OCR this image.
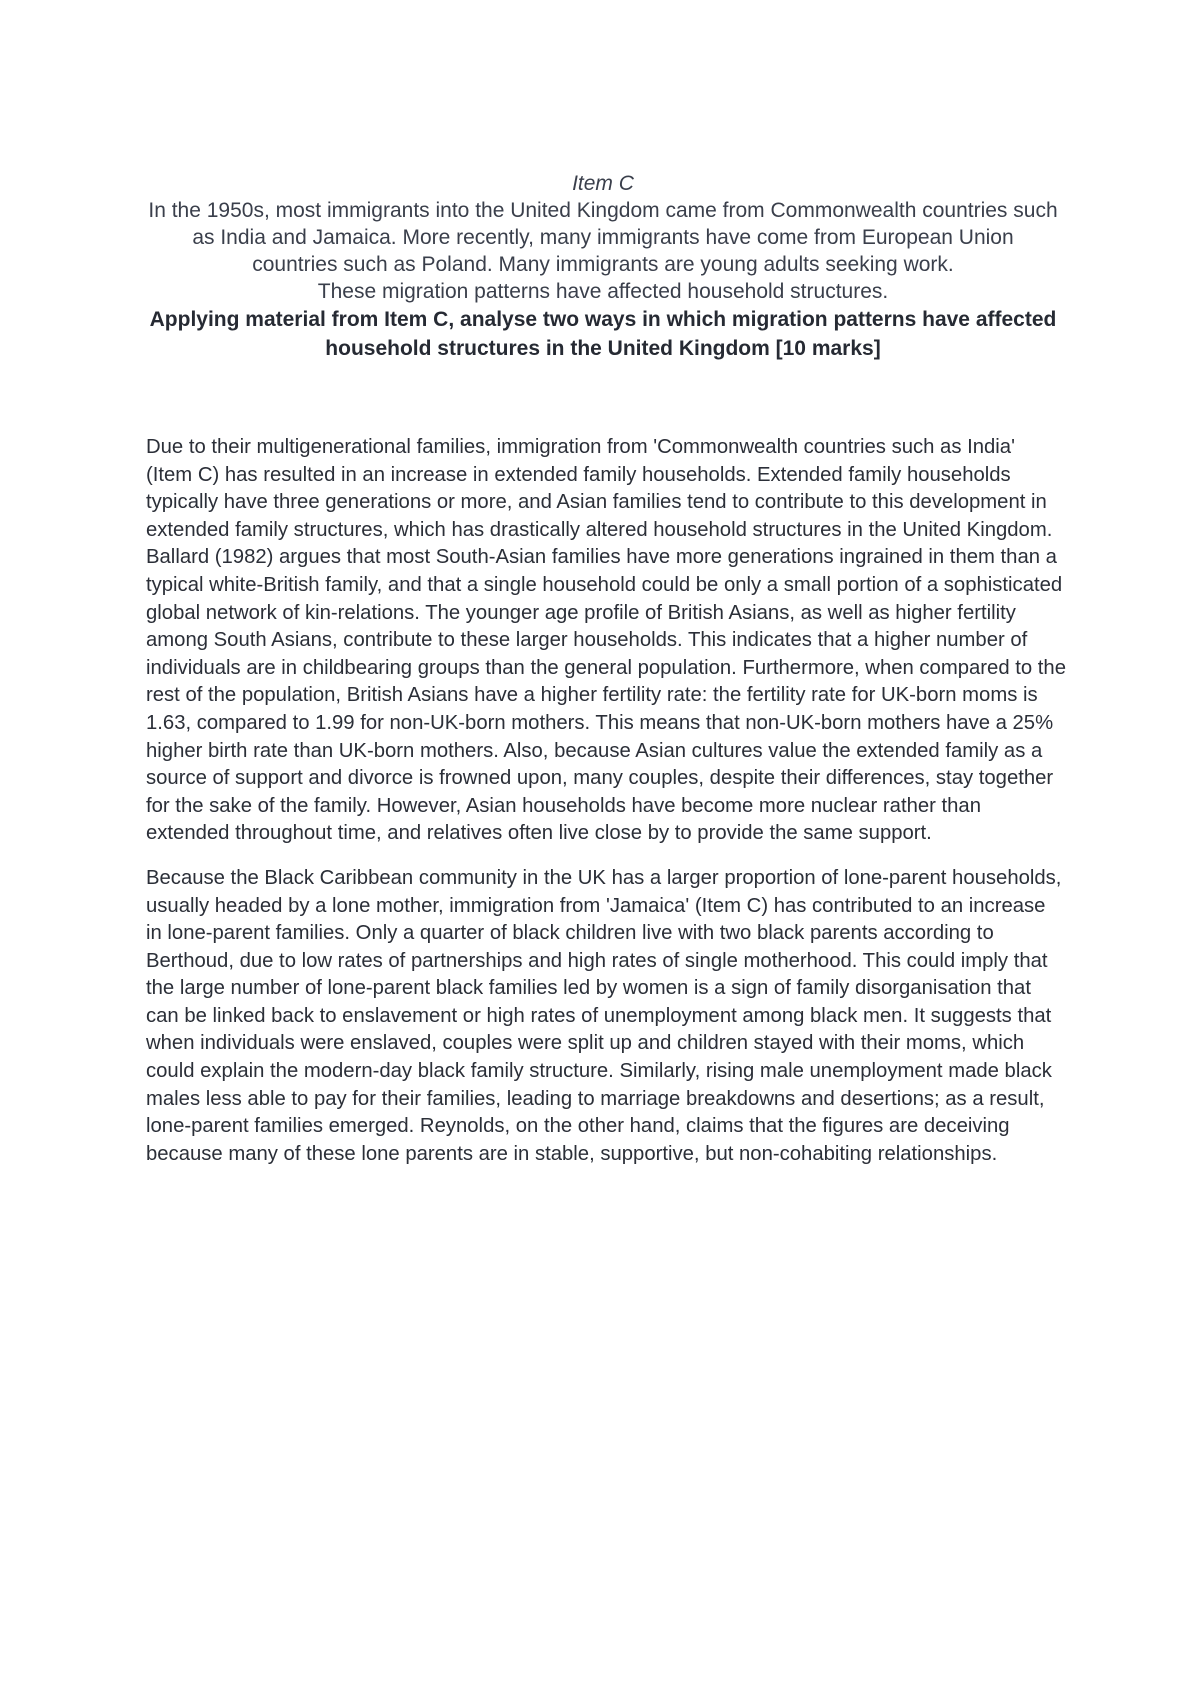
Item C
In the 1950s, most immigrants into the United Kingdom came from Commonwealth countries such as India and Jamaica. More recently, many immigrants have come from European Union countries such as Poland. Many immigrants are young adults seeking work.
These migration patterns have affected household structures.
Applying material from Item C, analyse two ways in which migration patterns have affected household structures in the United Kingdom [10 marks]

Due to their multigenerational families, immigration from 'Commonwealth countries such as India' (Item C) has resulted in an increase in extended family households. Extended family households typically have three generations or more, and Asian families tend to contribute to this development in extended family structures, which has drastically altered household structures in the United Kingdom. Ballard (1982) argues that most South-Asian families have more generations ingrained in them than a typical white-British family, and that a single household could be only a small portion of a sophisticated global network of kin-relations. The younger age profile of British Asians, as well as higher fertility among South Asians, contribute to these larger households. This indicates that a higher number of individuals are in childbearing groups than the general population. Furthermore, when compared to the rest of the population, British Asians have a higher fertility rate: the fertility rate for UK-born moms is 1.63, compared to 1.99 for non-UK-born mothers. This means that non-UK-born mothers have a 25% higher birth rate than UK-born mothers. Also, because Asian cultures value the extended family as a source of support and divorce is frowned upon, many couples, despite their differences, stay together for the sake of the family. However, Asian households have become more nuclear rather than extended throughout time, and relatives often live close by to provide the same support.

Because the Black Caribbean community in the UK has a larger proportion of lone-parent households, usually headed by a lone mother, immigration from 'Jamaica' (Item C) has contributed to an increase in lone-parent families. Only a quarter of black children live with two black parents according to Berthoud, due to low rates of partnerships and high rates of single motherhood. This could imply that the large number of lone-parent black families led by women is a sign of family disorganisation that can be linked back to enslavement or high rates of unemployment among black men. It suggests that when individuals were enslaved, couples were split up and children stayed with their moms, which could explain the modern-day black family structure. Similarly, rising male unemployment made black males less able to pay for their families, leading to marriage breakdowns and desertions; as a result, lone-parent families emerged. Reynolds, on the other hand, claims that the figures are deceiving because many of these lone parents are in stable, supportive, but non-cohabiting relationships.
